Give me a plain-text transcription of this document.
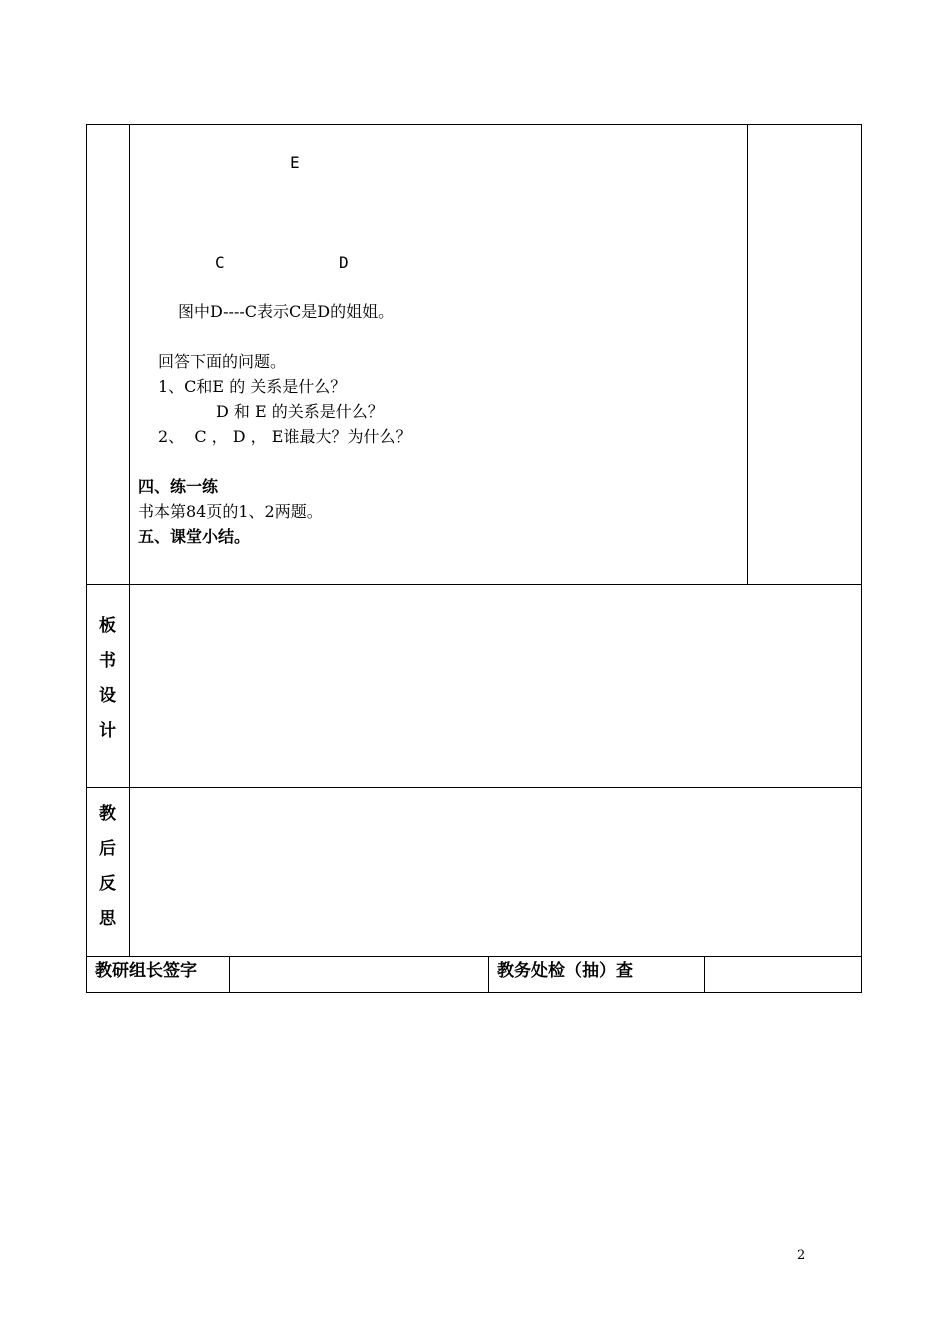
E
C	D
图中D----C表示C是D的姐姐。
回答下面的问题。
1、C和E 的 关系是什么？
D 和 E 的关系是什么？
2、  C ， D ， E谁最大？为什么？
四、练一练
书本第84页的1、2两题。
五、课堂小结。
板
书
设
计
教
后
反
思
教研组长签字	教务处检（抽）查
2
